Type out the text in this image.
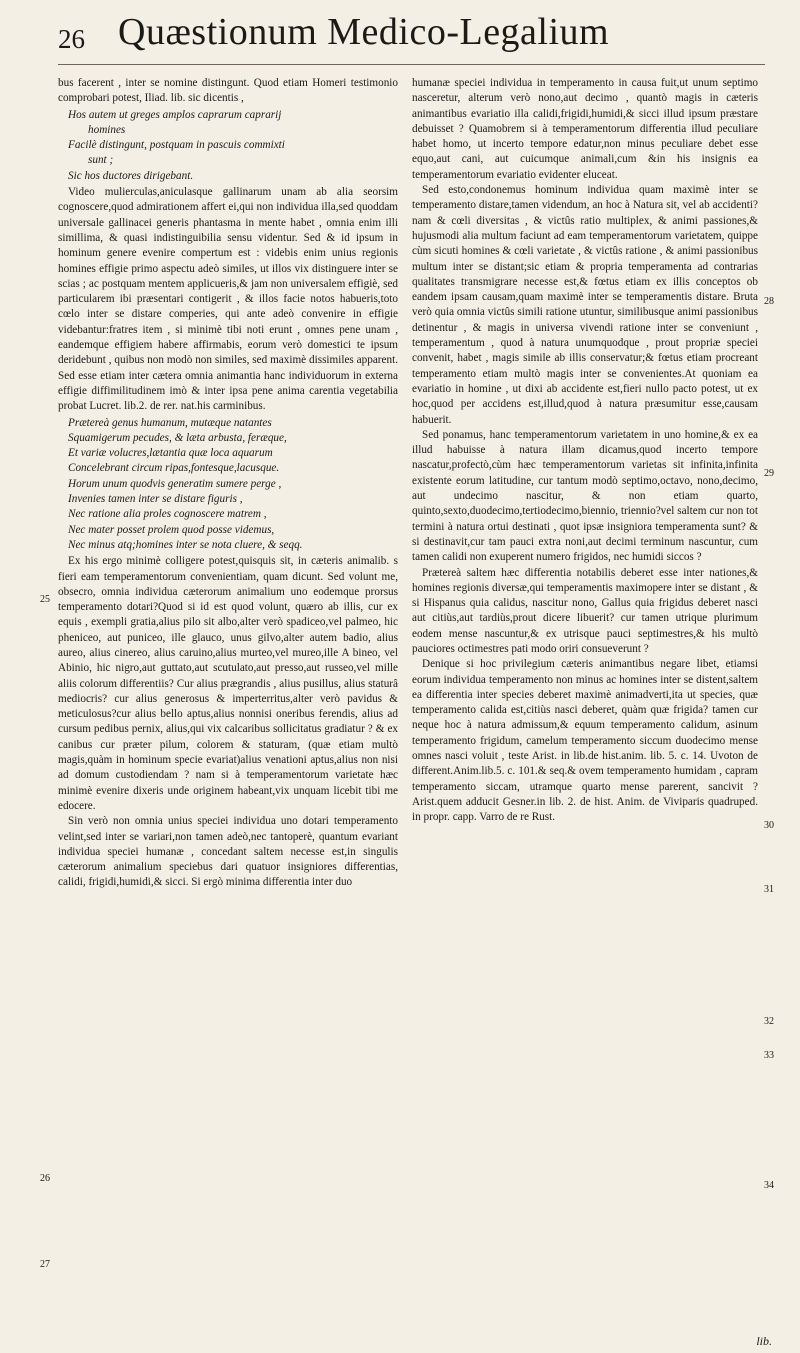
26 Quæstionum Medico-Legalium

bus facerent , inter se nomine distingunt. Quod etiam Homeri testimonio comprobari potest, Iliad. lib. sic dicentis ,

Hos autem ut greges amplos caprarum caprarij
homines
Facilè distingunt, postquam in pascuis commixti
sunt ;
Sic hos ductores dirigebant.

Video mulierculas,aniculasque gallinarum unam ab alia seorsim cognoscere,quod admirationem affert ei,qui non individua illa,sed quoddam universale gallinacei generis phantasma in mente habet , omnia enim illi simillima, & quasi indistinguibilia sensu videntur. Sed & id ipsum in hominum genere evenire compertum est : videbis enim unius regionis homines effigie primo aspectu adeò similes, ut illos vix distinguere inter se scias ; ac postquam mentem applicueris,& jam non universalem effigiè, sed particularem ibi præsentari contigerit , & illos facie notos habueris,toto cœlo inter se distare comperies, qui ante adeò convenire in effigie videbantur:fratres item , si minimè tibi noti erunt , omnes pene unam , eandemque effigiem habere affirmabis, eorum verò domestici te ipsum deridebunt , quibus non modò non similes, sed maximè dissimiles apparent. Sed esse etiam inter cætera omnia animantia hanc individuorum in externa effigie diffimilitudinem imò & inter ipsa pene anima carentia vegetabilia probat Lucret. lib.2. de rer. nat.his carminibus.

Prætereà genus humanum, mutæque natantes
Squamigerum pecudes, & læta arbusta, feræque,
Et variæ volucres,lætantia quæ loca aquarum
Concelebrant circum ripas,fontesque,lacusque.
Horum unum quodvis generatim sumere perge ,
Invenies tamen inter se distare figuris ,
Nec ratione alia proles cognoscere matrem ,
Nec mater posset prolem quod posse videmus,
Nec minus atq;homines inter se nota cluere, & seqq.

Ex his ergo minimè colligere potest,quisquis sit, in cæteris animalib. s fieri eam temperamentorum convenientiam, quam dicunt. Sed volunt me, obsecro, omnia individua cæterorum animalium uno eodemque prorsus temperamento dotari?Quod si id est quod volunt, quæro ab illis, cur ex equis , exempli gratia,alius pilo sit albo,alter verò spadiceo,vel palmeo, hic pheniceo, aut puniceo, ille glauco, unus gilvo,alter autem badio, alius aureo, alius cinereo, alius caruino,alius murteo,vel mureo,ille A bineo, vel Abinio, hic nigro,aut guttato,aut scutulato,aut presso,aut russeo,vel mille aliis colorum differentiis? Cur alius prægrandis , alius pusillus, alius staturâ mediocris? cur alius generosus & imperterritus,alter verò pavidus & meticulosus?cur alius bello aptus,alius nonnisi oneribus ferendis, alius ad cursum pedibus pernix, alius,qui vix calcaribus sollicitatus gradiatur ? & ex canibus cur præter pilum, colorem & staturam, (quæ etiam multò magis,quàm in hominum specie evariat)alius venationi aptus,alius non nisi ad domum custodiendam ? nam si à temperamentorum varietate hæc minimè evenire dixeris unde originem habeant,vix unquam licebit tibi me edocere.

Sin verò non omnia unius speciei individua uno dotari temperamento velint,sed inter se variari,non tamen adeò,nec tantoperè, quantum evariant individua speciei humanæ , concedant saltem necesse est,in singulis cæterorum animalium speciebus dari quatuor insigniores differentias, calidi, frigidi,humidi,& sicci. Si ergò minima differentia inter duo

25
26
27

humanæ speciei individua in temperamento in causa fuit,ut unum septimo nasceretur, alterum verò nono,aut decimo , quantò magis in cæteris animantibus evariatio illa calidi,frigidi,humidi,& sicci illud ipsum præstare debuisset ? Quamobrem si à temperamentorum differentia illud peculiare habet homo, ut incerto tempore edatur,non minus peculiare debet esse equo,aut cani, aut cuicumque animali,cum &in his insignis ea temperamentorum evariatio evidenter eluceat.

Sed esto,condonemus hominum individua quam maximè inter se temperamento distare,tamen videndum, an hoc à Natura sit, vel ab accidenti? nam & cœli diversitas , & victûs ratio multiplex, & animi passiones,& hujusmodi alia multum faciunt ad eam temperamentorum varietatem, quippe cùm sicuti homines & cœli varietate , & victûs ratione , & animi passionibus multum inter se distant;sic etiam & propria temperamenta ad contrarias qualitates transmigrare necesse est,& fœtus etiam ex illis conceptos ob eandem ipsam causam,quam maximè inter se temperamentis distare. Bruta verò quia omnia victûs simili ratione utuntur, similibusque animi passionibus detinentur , & magis in universa vivendi ratione inter se conveniunt , temperamentum , quod à natura unumquodque , prout propriæ speciei convenit, habet , magis simile ab illis conservatur;& fœtus etiam procreant temperamento etiam multò magis inter se convenientes.At quoniam ea evariatio in homine , ut dixi ab accidente est,fieri nullo pacto potest, ut ex hoc,quod per accidens est,illud,quod à natura præsumitur esse,causam habuerit.

Sed ponamus, hanc temperamentorum varietatem in uno homine,& ex ea illud habuisse à natura illam dicamus,quod incerto tempore nascatur,profectò,cùm hæc temperamentorum varietas sit infinita,infinita existente eorum latitudine, cur tantum modò septimo,octavo, nono,decimo, aut undecimo nascitur, & non etiam quarto, quinto,sexto,duodecimo,tertiodecimo,biennio, triennio?vel saltem cur non tot termini à natura ortui destinati , quot ipsæ insigniora temperamenta sunt? & si destinavit,cur tam pauci extra noni,aut decimi terminum nascuntur, cum tamen calidi non exuperent numero frigidos, nec humidi siccos ?

Prætereà saltem hæc differentia notabilis deberet esse inter nationes,& homines regionis diversæ,qui temperamentis maximopere inter se distant , & si Hispanus quia calidus, nascitur nono, Gallus quia frigidus deberet nasci aut citiùs,aut tardiùs,prout dicere libuerit? cur tamen utrique plurimum eodem mense nascuntur,& ex utrisque pauci septimestres,& his multò pauciores octimestres pati modo oriri consueverunt ?

Denique si hoc privilegium cæteris animantibus negare libet, etiamsi eorum individua temperamento non minus ac homines inter se distent,saltem ea differentia inter species deberet maximè animadverti,ita ut species, quæ temperamento calida est,citiùs nasci deberet, quàm quæ frigida? tamen cur neque hoc à natura admissum,& equum temperamento calidum, asinum temperamento frigidum, camelum temperamento siccum duodecimo mense omnes nasci voluit , teste Arist. in lib.de hist.anim. lib. 5. c. 14. Uvoton de different.Anim.lib.5. c. 101.& seq.& ovem temperamento humidam , capram temperamento siccam, utramque quarto mense parerent, sancivit ? Arist.quem adducit Gesner.in lib. 2. de hist. Anim. de Viviparis quadruped. in propr. capp. Varro de re Rust.

28
29
30
31
32
33
34
lib.
